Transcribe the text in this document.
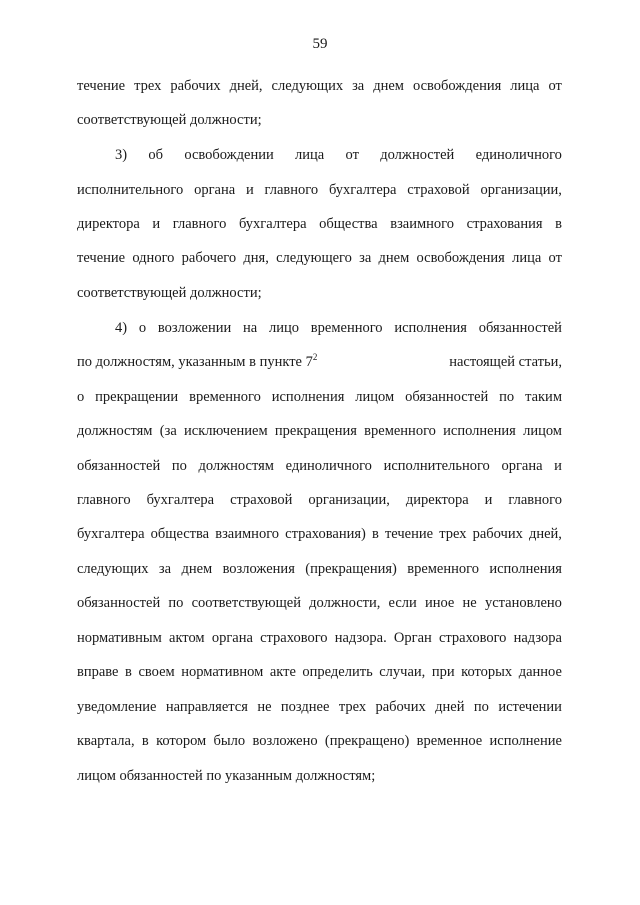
59
течение трех рабочих дней, следующих за днем освобождения лица от
соответствующей должности;
3) об освобождении лица от должностей единоличного
исполнительного органа и главного бухгалтера страховой организации,
директора и главного бухгалтера общества взаимного страхования в
течение одного рабочего дня, следующего за днем освобождения лица от
соответствующей должности;
4) о возложении на лицо временного исполнения обязанностей
по должностям, указанным в пункте $7^2$	настоящей статьи,
о прекращении временного исполнения лицом обязанностей по таким
должностям (за исключением прекращения временного исполнения лицом
обязанностей по должностям единоличного исполнительного органа и
главного бухгалтера страховой организации, директора и главного
бухгалтера общества взаимного страхования) в течение трех рабочих дней,
следующих за днем возложения (прекращения) временного исполнения
обязанностей по соответствующей должности, если иное не установлено
нормативным актом органа страхового надзора. Орган страхового надзора
вправе в своем нормативном акте определить случаи, при которых данное
уведомление направляется не позднее трех рабочих дней по истечении
квартала, в котором было возложено (прекращено) временное исполнение
лицом обязанностей по указанным должностям;
